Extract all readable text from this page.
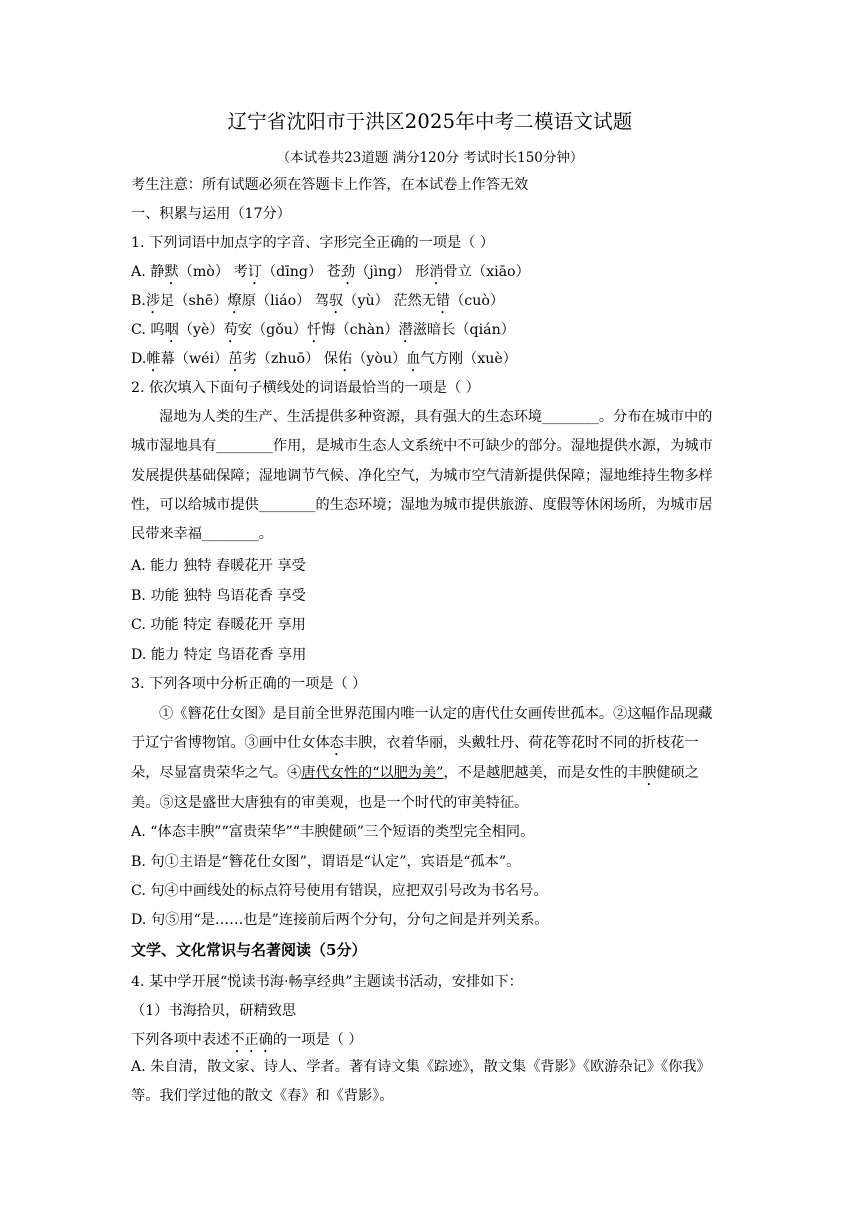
辽宁省沈阳市于洪区2025年中考二模语文试题
（本试卷共23道题 满分120分 考试时长150分钟）
考生注意：所有试题必须在答题卡上作答，在本试卷上作答无效
一、积累与运用（17分）
1. 下列词语中加点字的字音、字形完全正确的一项是（ ）
A. 静默（mò） 考订（dīng） 苍劲（jìng） 形消骨立（xiāo）
B.涉足（shē）燎原（liáo） 驾驭（yù） 茫然无错（cuò）
C. 呜咽（yè）苟安（gǒu）忏悔（chàn）潜滋暗长（qián）
D.帷幕（wéi）茁劣（zhuō） 保佑（yòu）血气方刚（xuè）
2. 依次填入下面句子横线处的词语最恰当的一项是（ ）
湿地为人类的生产、生活提供多种资源，具有强大的生态环境________。分布在城市中的城市湿地具有________作用，是城市生态人文系统中不可缺少的部分。湿地提供水源，为城市发展提供基础保障；湿地调节气候、净化空气，为城市空气清新提供保障；湿地维持生物多样性，可以给城市提供________的生态环境；湿地为城市提供旅游、度假等休闲场所，为城市居民带来幸福________。
A. 能力 独特 春暖花开 享受
B. 功能 独特 鸟语花香 享受
C. 功能 特定 春暖花开 享用
D. 能力 特定 鸟语花香 享用
3. 下列各项中分析正确的一项是（ ）
①《簪花仕女图》是目前全世界范围内唯一认定的唐代仕女画传世孤本。②这幅作品现藏于辽宁省博物馆。③画中仕女体态丰腴，衣着华丽，头戴牡丹、荷花等花时不同的折枝花一朵，尽显富贵荣华之气。④唐代女性的“以肥为美”，不是越肥越美，而是女性的丰腴健硕之美。⑤这是盛世大唐独有的审美观，也是一个时代的审美特征。
A. “体态丰腴”“富贵荣华”“丰腴健硕”三个短语的类型完全相同。
B. 句①主语是“簪花仕女图”，谓语是“认定”，宾语是“孤本”。
C. 句④中画线处的标点符号使用有错误，应把双引号改为书名号。
D. 句⑤用“是……也是”连接前后两个分句，分句之间是并列关系。
文学、文化常识与名著阅读（5分）
4. 某中学开展“悦读书海·畅享经典”主题读书活动，安排如下：
（1）书海拾贝，研精致思
下列各项中表述不正确的一项是（ ）
A. 朱自清，散文家、诗人、学者。著有诗文集《踪迹》，散文集《背影》《欧游杂记》《你我》等。我们学过他的散文《春》和《背影》。
